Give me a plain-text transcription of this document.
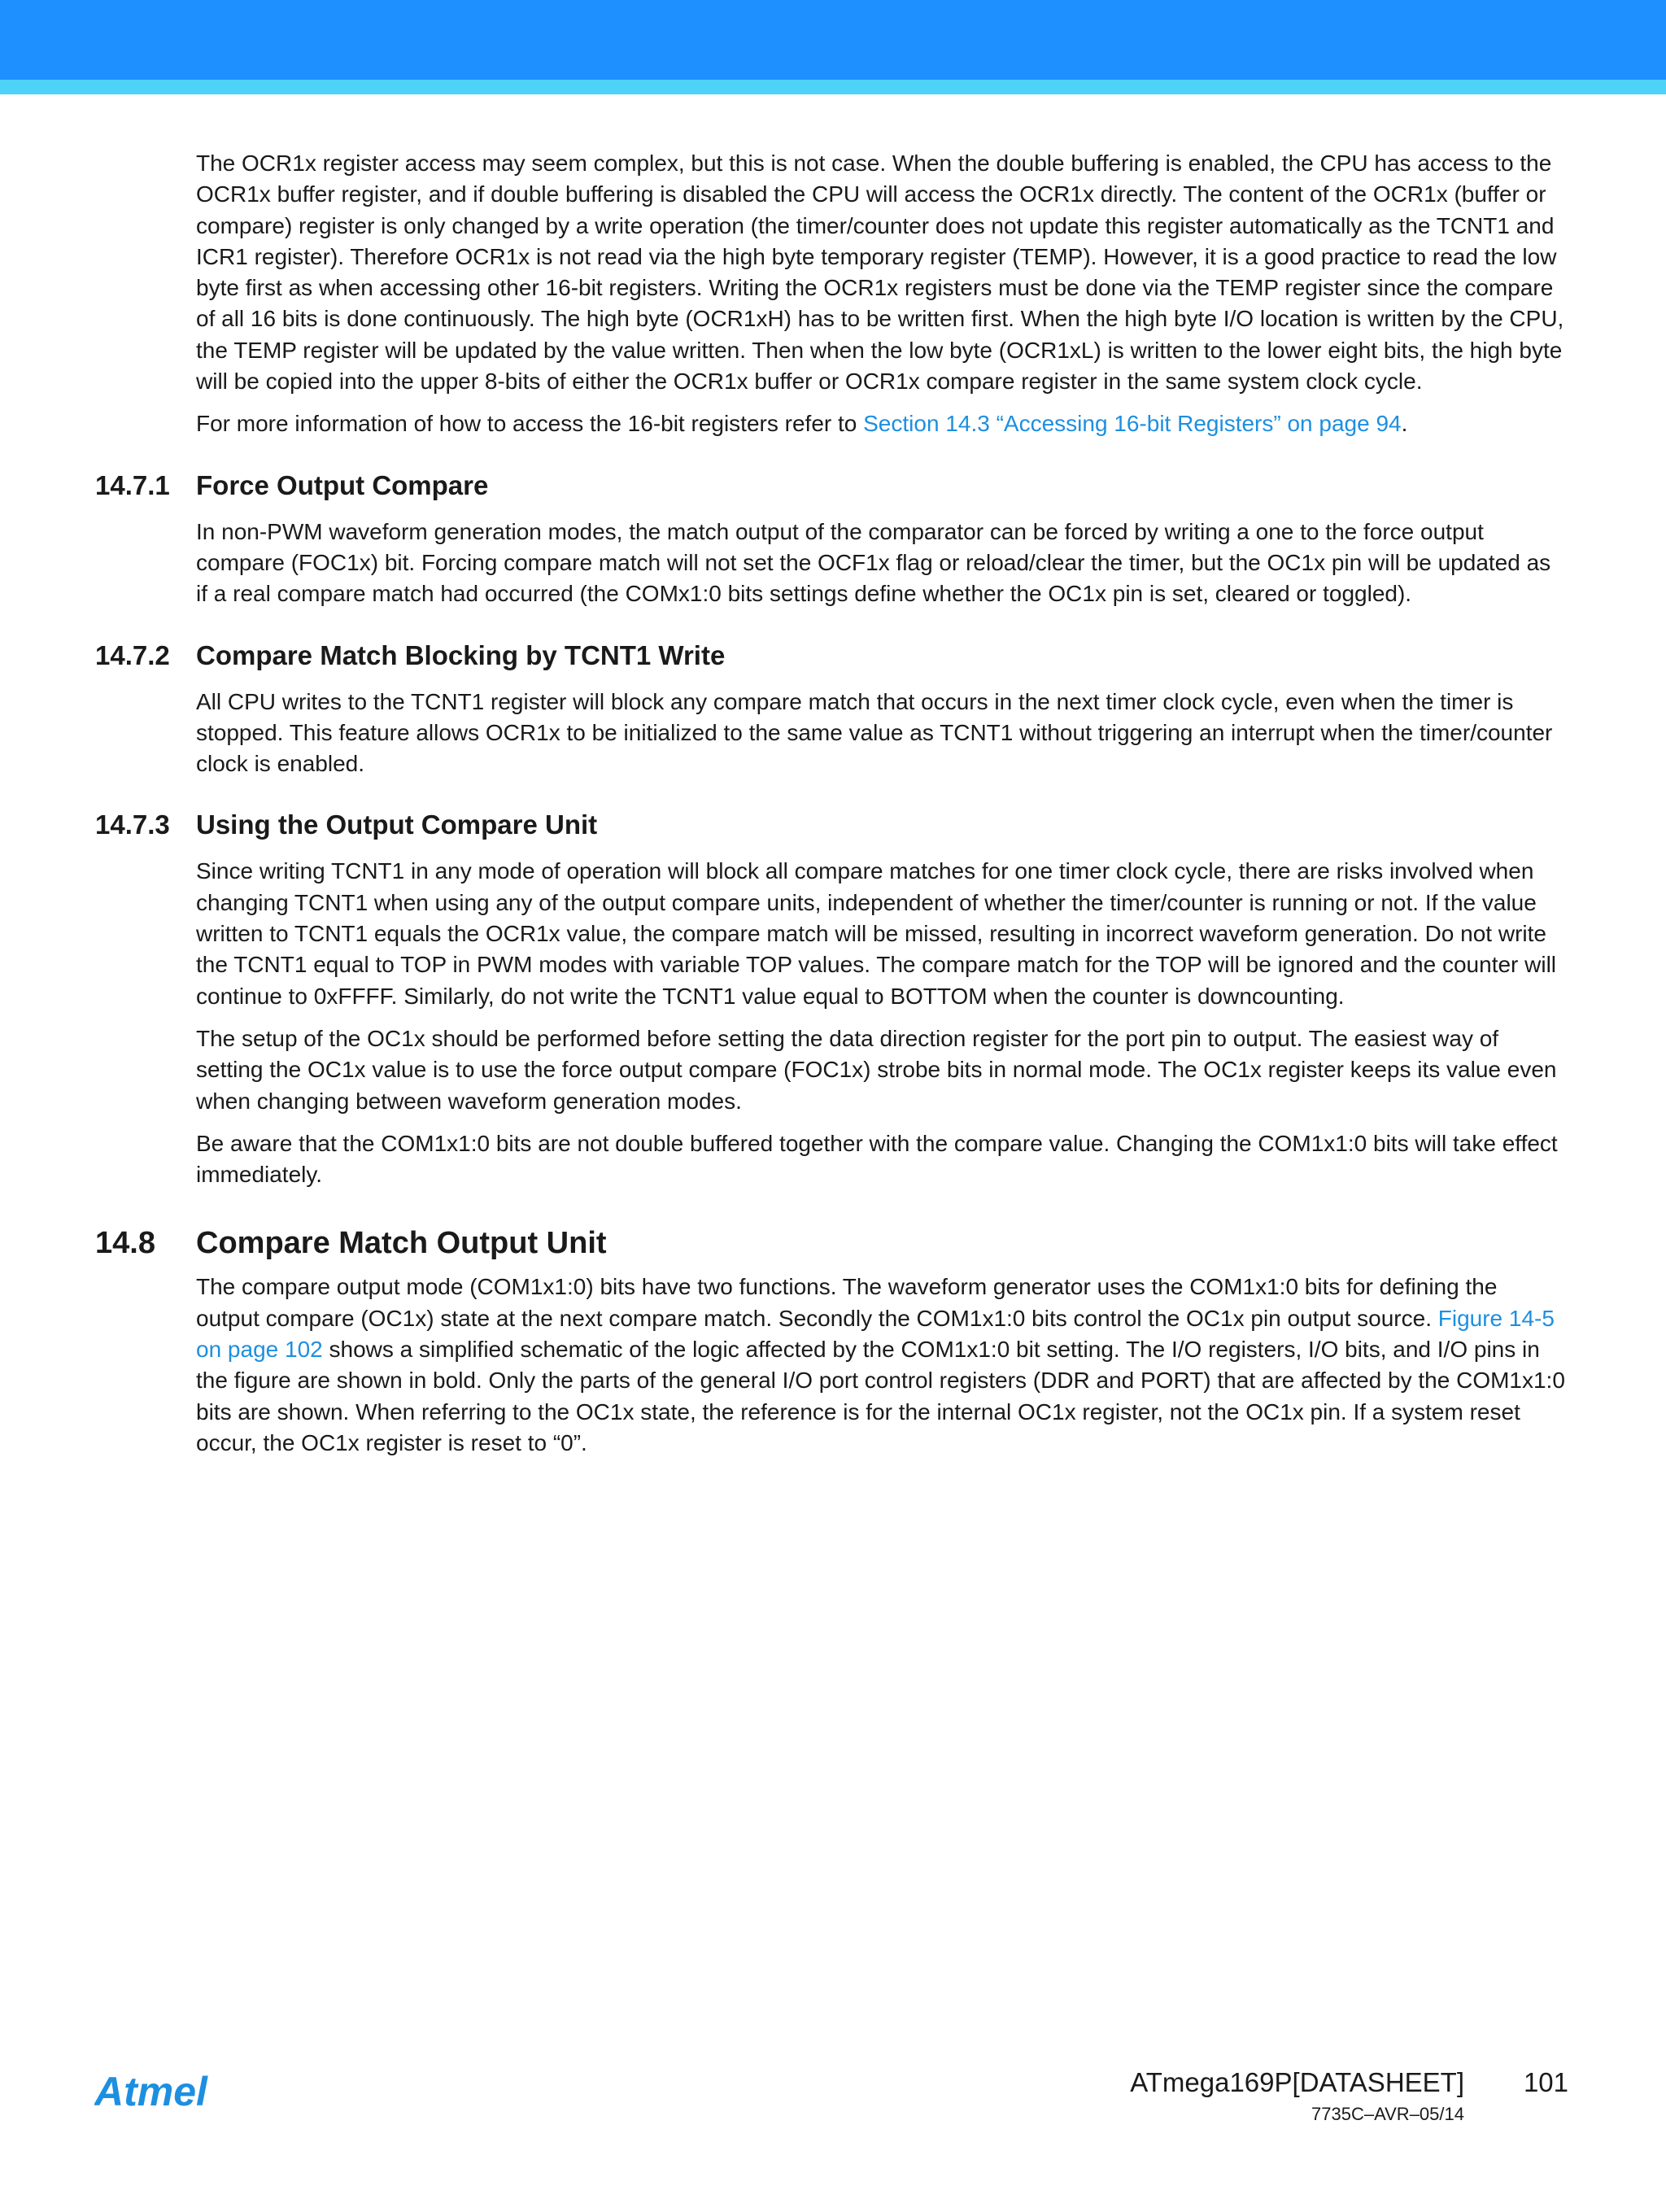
The OCR1x register access may seem complex, but this is not case. When the double buffering is enabled, the CPU has access to the OCR1x buffer register, and if double buffering is disabled the CPU will access the OCR1x directly. The content of the OCR1x (buffer or compare) register is only changed by a write operation (the timer/counter does not update this register automatically as the TCNT1 and ICR1 register). Therefore OCR1x is not read via the high byte temporary register (TEMP). However, it is a good practice to read the low byte first as when accessing other 16-bit registers. Writing the OCR1x registers must be done via the TEMP register since the compare of all 16 bits is done continuously. The high byte (OCR1xH) has to be written first. When the high byte I/O location is written by the CPU, the TEMP register will be updated by the value written. Then when the low byte (OCR1xL) is written to the lower eight bits, the high byte will be copied into the upper 8-bits of either the OCR1x buffer or OCR1x compare register in the same system clock cycle.

For more information of how to access the 16-bit registers refer to Section 14.3 “Accessing 16-bit Registers” on page 94.

14.7.1 Force Output Compare

In non-PWM waveform generation modes, the match output of the comparator can be forced by writing a one to the force output compare (FOC1x) bit. Forcing compare match will not set the OCF1x flag or reload/clear the timer, but the OC1x pin will be updated as if a real compare match had occurred (the COMx1:0 bits settings define whether the OC1x pin is set, cleared or toggled).

14.7.2 Compare Match Blocking by TCNT1 Write

All CPU writes to the TCNT1 register will block any compare match that occurs in the next timer clock cycle, even when the timer is stopped. This feature allows OCR1x to be initialized to the same value as TCNT1 without triggering an interrupt when the timer/counter clock is enabled.

14.7.3 Using the Output Compare Unit

Since writing TCNT1 in any mode of operation will block all compare matches for one timer clock cycle, there are risks involved when changing TCNT1 when using any of the output compare units, independent of whether the timer/counter is running or not. If the value written to TCNT1 equals the OCR1x value, the compare match will be missed, resulting in incorrect waveform generation. Do not write the TCNT1 equal to TOP in PWM modes with variable TOP values. The compare match for the TOP will be ignored and the counter will continue to 0xFFFF. Similarly, do not write the TCNT1 value equal to BOTTOM when the counter is downcounting.

The setup of the OC1x should be performed before setting the data direction register for the port pin to output. The easiest way of setting the OC1x value is to use the force output compare (FOC1x) strobe bits in normal mode. The OC1x register keeps its value even when changing between waveform generation modes.

Be aware that the COM1x1:0 bits are not double buffered together with the compare value. Changing the COM1x1:0 bits will take effect immediately.

14.8 Compare Match Output Unit

The compare output mode (COM1x1:0) bits have two functions. The waveform generator uses the COM1x1:0 bits for defining the output compare (OC1x) state at the next compare match. Secondly the COM1x1:0 bits control the OC1x pin output source. Figure 14-5 on page 102 shows a simplified schematic of the logic affected by the COM1x1:0 bit setting. The I/O registers, I/O bits, and I/O pins in the figure are shown in bold. Only the parts of the general I/O port control registers (DDR and PORT) that are affected by the COM1x1:0 bits are shown. When referring to the OC1x state, the reference is for the internal OC1x register, not the OC1x pin. If a system reset occur, the OC1x register is reset to “0”.

Atmel	ATmega169P[DATASHEET]	101
7735C–AVR–05/14
